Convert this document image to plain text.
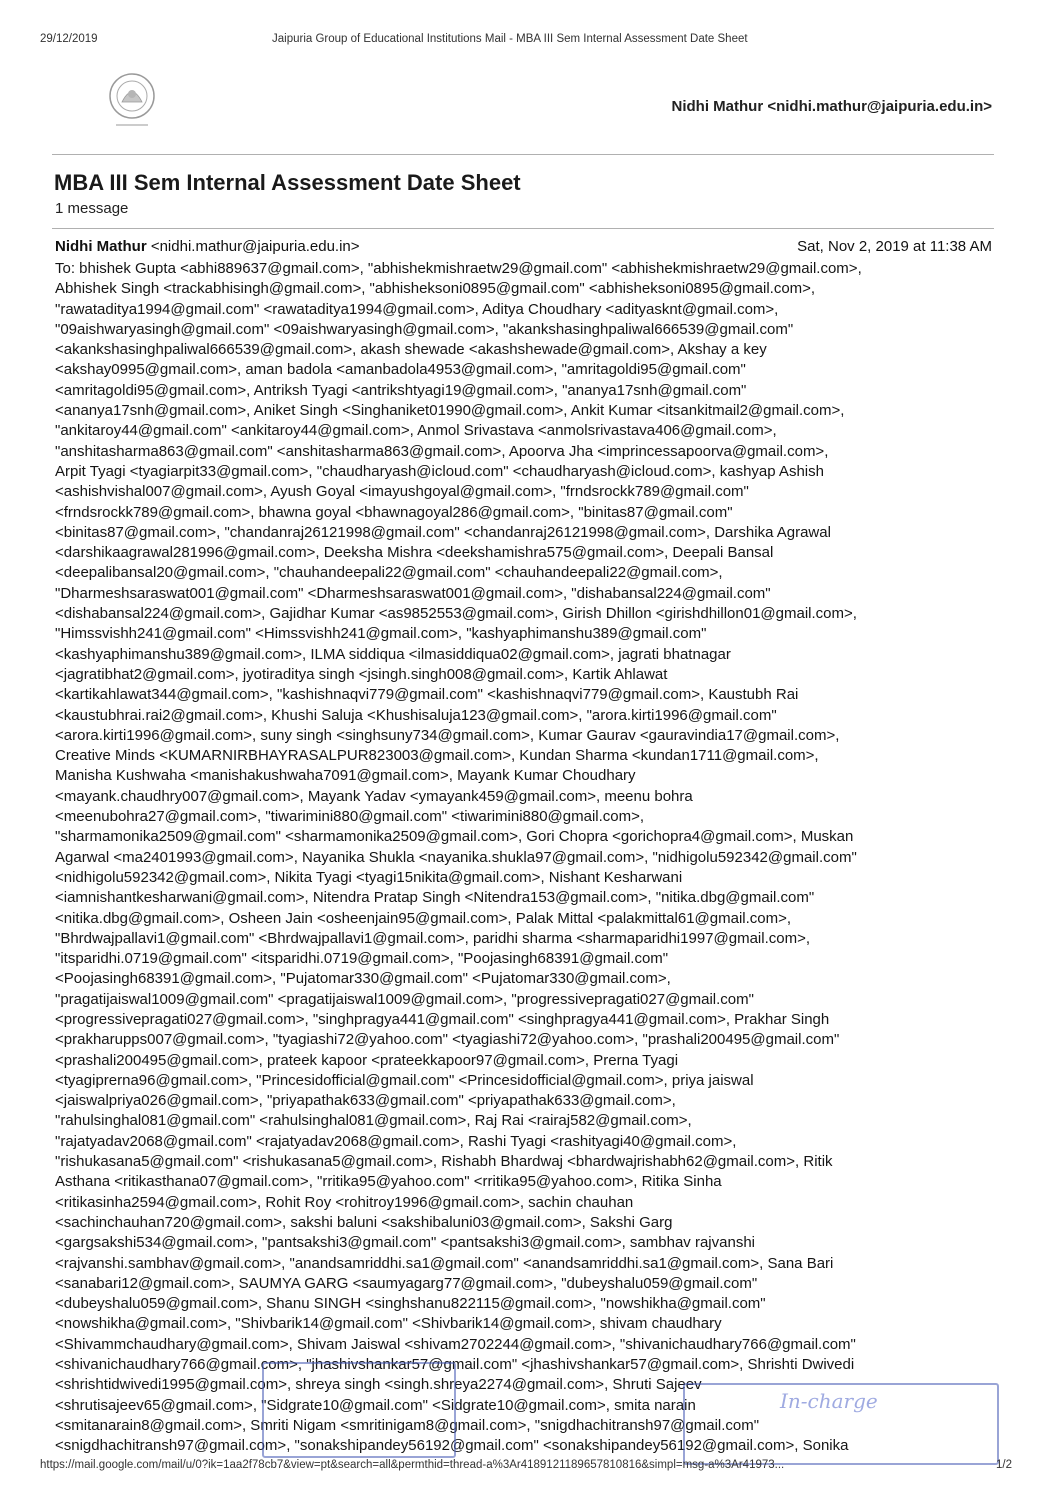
29/12/2019	Jaipuria Group of Educational Institutions Mail - MBA III Sem Internal Assessment Date Sheet
Nidhi Mathur <nidhi.mathur@jaipuria.edu.in>
MBA III Sem Internal Assessment Date Sheet
1 message
Nidhi Mathur <nidhi.mathur@jaipuria.edu.in>	Sat, Nov 2, 2019 at 11:38 AM
To: bhishek Gupta <abhi889637@gmail.com>, "abhishekmishraetw29@gmail.com" <abhishekmishraetw29@gmail.com>,
Abhishek Singh <trackabhisingh@gmail.com>, "abhisheksoni0895@gmail.com" <abhisheksoni0895@gmail.com>,
"rawataditya1994@gmail.com" <rawataditya1994@gmail.com>, Aditya Choudhary <adityasknt@gmail.com>,
"09aishwaryasingh@gmail.com" <09aishwaryasingh@gmail.com>, "akankshasinghpaliwal666539@gmail.com"
<akankshasinghpaliwal666539@gmail.com>, akash shewade <akashshewade@gmail.com>, Akshay a key
<akshay0995@gmail.com>, aman badola <amanbadola4953@gmail.com>, "amritagoldi95@gmail.com"
<amritagoldi95@gmail.com>, Antriksh Tyagi <antrikshtyagi19@gmail.com>, "ananya17snh@gmail.com"
<ananya17snh@gmail.com>, Aniket Singh <Singhaniket01990@gmail.com>, Ankit Kumar <itsankitmail2@gmail.com>,
"ankitaroy44@gmail.com" <ankitaroy44@gmail.com>, Anmol Srivastava <anmolsrivastava406@gmail.com>,
"anshitasharma863@gmail.com" <anshitasharma863@gmail.com>, Apoorva Jha <imprincessapoorva@gmail.com>,
Arpit Tyagi <tyagiarpit33@gmail.com>, "chaudharyash@icloud.com" <chaudharyash@icloud.com>, kashyap Ashish
<ashishvishal007@gmail.com>, Ayush Goyal <imayushgoyal@gmail.com>, "frndsrockk789@gmail.com"
<frndsrockk789@gmail.com>, bhawna goyal <bhawnagoyal286@gmail.com>, "binitas87@gmail.com"
<binitas87@gmail.com>, "chandanraj26121998@gmail.com" <chandanraj26121998@gmail.com>, Darshika Agrawal
<darshikaagrawal281996@gmail.com>, Deeksha Mishra <deekshamishra575@gmail.com>, Deepali Bansal
<deepalibansal20@gmail.com>, "chauhandeepali22@gmail.com" <chauhandeepali22@gmail.com>,
"Dharmeshsaraswat001@gmail.com" <Dharmeshsaraswat001@gmail.com>, "dishabansal224@gmail.com"
<dishabansal224@gmail.com>, Gajidhar Kumar <as9852553@gmail.com>, Girish Dhillon <girishdhillon01@gmail.com>,
"Himssvishh241@gmail.com" <Himssvishh241@gmail.com>, "kashyaphimanshu389@gmail.com"
<kashyaphimanshu389@gmail.com>, ILMA siddiqua <ilmasiddiqua02@gmail.com>, jagrati bhatnagar
<jagratibhat2@gmail.com>, jyotiraditya singh <jsingh.singh008@gmail.com>, Kartik Ahlawat
<kartikahlawat344@gmail.com>, "kashishnaqvi779@gmail.com" <kashishnaqvi779@gmail.com>, Kaustubh Rai
<kaustubhrai.rai2@gmail.com>, Khushi Saluja <Khushisaluja123@gmail.com>, "arora.kirti1996@gmail.com"
<arora.kirti1996@gmail.com>, suny singh <singhsuny734@gmail.com>, Kumar Gaurav <gauravindia17@gmail.com>,
Creative Minds <KUMARNIRBHAYRASALPUR823003@gmail.com>, Kundan Sharma <kundan1711@gmail.com>,
Manisha Kushwaha <manishakushwaha7091@gmail.com>, Mayank Kumar Choudhary
<mayank.chaudhry007@gmail.com>, Mayank Yadav <ymayank459@gmail.com>, meenu bohra
<meenubohra27@gmail.com>, "tiwarimini880@gmail.com" <tiwarimini880@gmail.com>,
"sharmamonika2509@gmail.com" <sharmamonika2509@gmail.com>, Gori Chopra <gorichopra4@gmail.com>, Muskan
Agarwal <ma2401993@gmail.com>, Nayanika Shukla <nayanika.shukla97@gmail.com>, "nidhigolu592342@gmail.com"
<nidhigolu592342@gmail.com>, Nikita Tyagi <tyagi15nikita@gmail.com>, Nishant Kesharwani
<iamnishantkesharwani@gmail.com>, Nitendra Pratap Singh <Nitendra153@gmail.com>, "nitika.dbg@gmail.com"
<nitika.dbg@gmail.com>, Osheen Jain <osheenjain95@gmail.com>, Palak Mittal <palakmittal61@gmail.com>,
"Bhrdwajpallavi1@gmail.com" <Bhrdwajpallavi1@gmail.com>, paridhi sharma <sharmaparidhi1997@gmail.com>,
"itsparidhi.0719@gmail.com" <itsparidhi.0719@gmail.com>, "Poojasingh68391@gmail.com"
<Poojasingh68391@gmail.com>, "Pujatomar330@gmail.com" <Pujatomar330@gmail.com>,
"pragatijaiswal1009@gmail.com" <pragatijaiswal1009@gmail.com>, "progressivepragati027@gmail.com"
<progressivepragati027@gmail.com>, "singhpragya441@gmail.com" <singhpragya441@gmail.com>, Prakhar Singh
<prakharupps007@gmail.com>, "tyagiashi72@yahoo.com" <tyagiashi72@yahoo.com>, "prashali200495@gmail.com"
<prashali200495@gmail.com>, prateek kapoor <prateekkapoor97@gmail.com>, Prerna Tyagi
<tyagiprerna96@gmail.com>, "Princesidofficial@gmail.com" <Princesidofficial@gmail.com>, priya jaiswal
<jaiswalpriya026@gmail.com>, "priyapathak633@gmail.com" <priyapathak633@gmail.com>,
"rahulsinghal081@gmail.com" <rahulsinghal081@gmail.com>, Raj Rai <rairaj582@gmail.com>,
"rajatyadav2068@gmail.com" <rajatyadav2068@gmail.com>, Rashi Tyagi <rashityagi40@gmail.com>,
"rishukasana5@gmail.com" <rishukasana5@gmail.com>, Rishabh Bhardwaj <bhardwajrishabh62@gmail.com>, Ritik
Asthana <ritikasthana07@gmail.com>, "rritika95@yahoo.com" <rritika95@yahoo.com>, Ritika Sinha
<ritikasinha2594@gmail.com>, Rohit Roy <rohitroy1996@gmail.com>, sachin chauhan
<sachinchauhan720@gmail.com>, sakshi baluni <sakshibaluni03@gmail.com>, Sakshi Garg
<gargsakshi534@gmail.com>, "pantsakshi3@gmail.com" <pantsakshi3@gmail.com>, sambhav rajvanshi
<rajvanshi.sambhav@gmail.com>, "anandsamriddhi.sa1@gmail.com" <anandsamriddhi.sa1@gmail.com>, Sana Bari
<sanabari12@gmail.com>, SAUMYA GARG <saumyagarg77@gmail.com>, "dubeyshalu059@gmail.com"
<dubeyshalu059@gmail.com>, Shanu SINGH <singhshanu822115@gmail.com>, "nowshikha@gmail.com"
<nowshikha@gmail.com>, "Shivbarik14@gmail.com" <Shivbarik14@gmail.com>, shivam chaudhary
<Shivammchaudhary@gmail.com>, Shivam Jaiswal <shivam2702244@gmail.com>, "shivanichaudhary766@gmail.com"
<shivanichaudhary766@gmail.com>, "jhashivshankar57@gmail.com" <jhashivshankar57@gmail.com>, Shrishti Dwivedi
<shrishtidwivedi1995@gmail.com>, shreya singh <singh.shreya2274@gmail.com>, Shruti Sajeev
<shrutisajeev65@gmail.com>, "Sidgrate10@gmail.com" <Sidgrate10@gmail.com>, smita narain
<smitanarain8@gmail.com>, Smriti Nigam <smritinigam8@gmail.com>, "snigdhachitransh97@gmail.com"
<snigdhachitransh97@gmail.com>, "sonakshipandey56192@gmail.com" <sonakshipandey56192@gmail.com>, Sonika
In-charge
https://mail.google.com/mail/u/0?ik=1aa2f78cb7&view=pt&search=all&permthid=thread-a%3Ar4189121189657810816&simpl=msg-a%3Ar41973...	1/2
